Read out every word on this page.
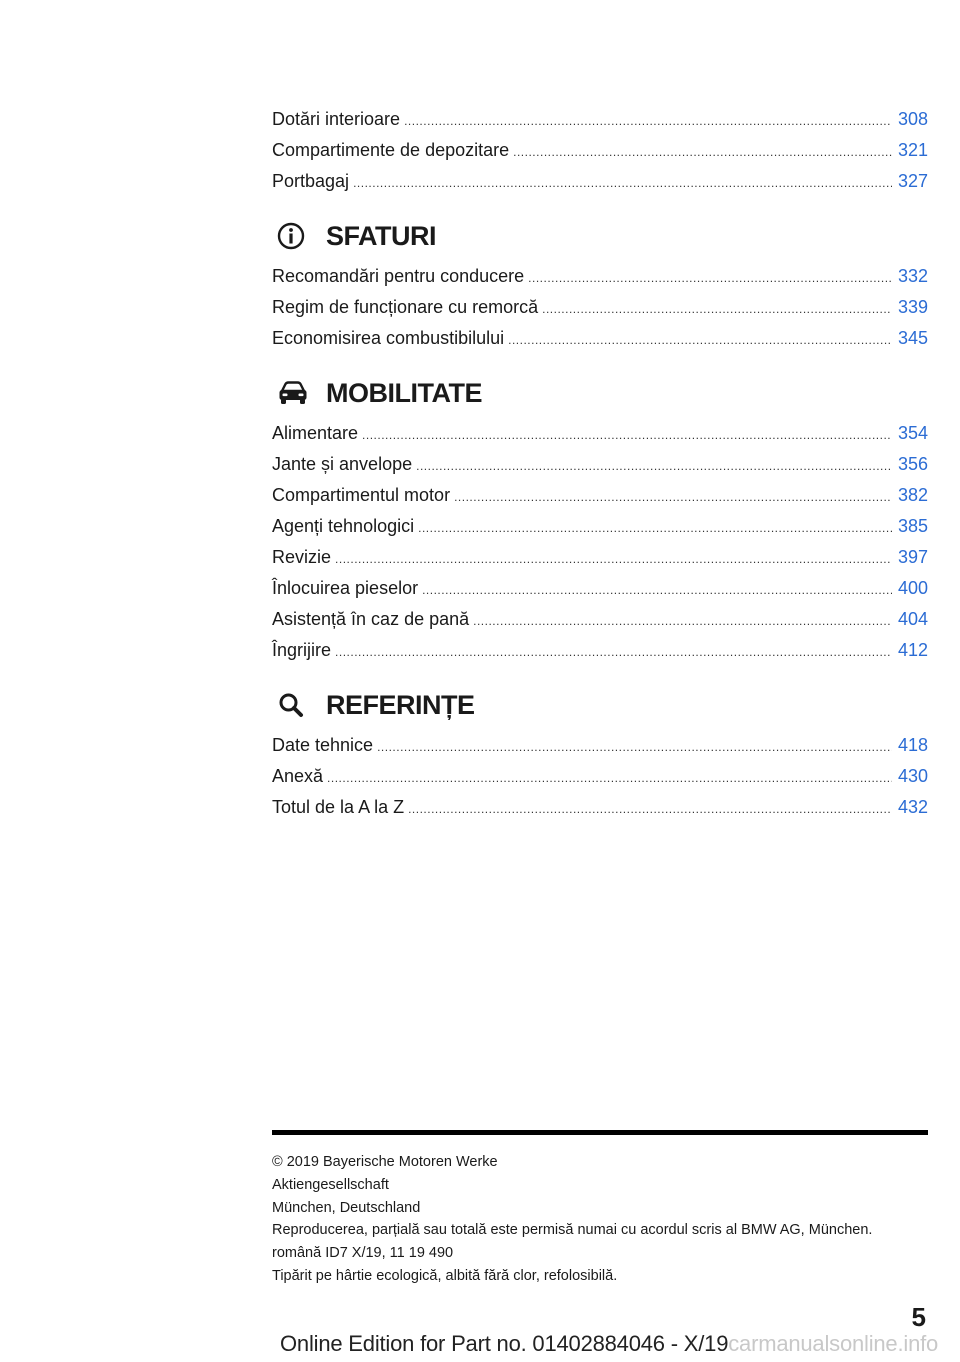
Dotări interioare .....	308
Compartimente de depozitare .....	321
Portbagaj .....	327
SFATURI
Recomandări pentru conducere .....	332
Regim de funcționare cu remorcă .....	339
Economisirea combustibilului .....	345
MOBILITATE
Alimentare .....	354
Jante și anvelope .....	356
Compartimentul motor .....	382
Agenți tehnologici .....	385
Revizie .....	397
Înlocuirea pieselor .....	400
Asistență în caz de pană .....	404
Îngrijire .....	412
REFERINȚE
Date tehnice .....	418
Anexă .....	430
Totul de la A la Z .....	432
© 2019 Bayerische Motoren Werke
Aktiengesellschaft
München, Deutschland
Reproducerea, parțială sau totală este permisă numai cu acordul scris al BMW AG, München.
română ID7 X/19, 11 19 490
Tipărit pe hârtie ecologică, albită fără clor, refolosibilă.
5
Online Edition for Part no. 01402884046 - X/19carmanualsonline.info
